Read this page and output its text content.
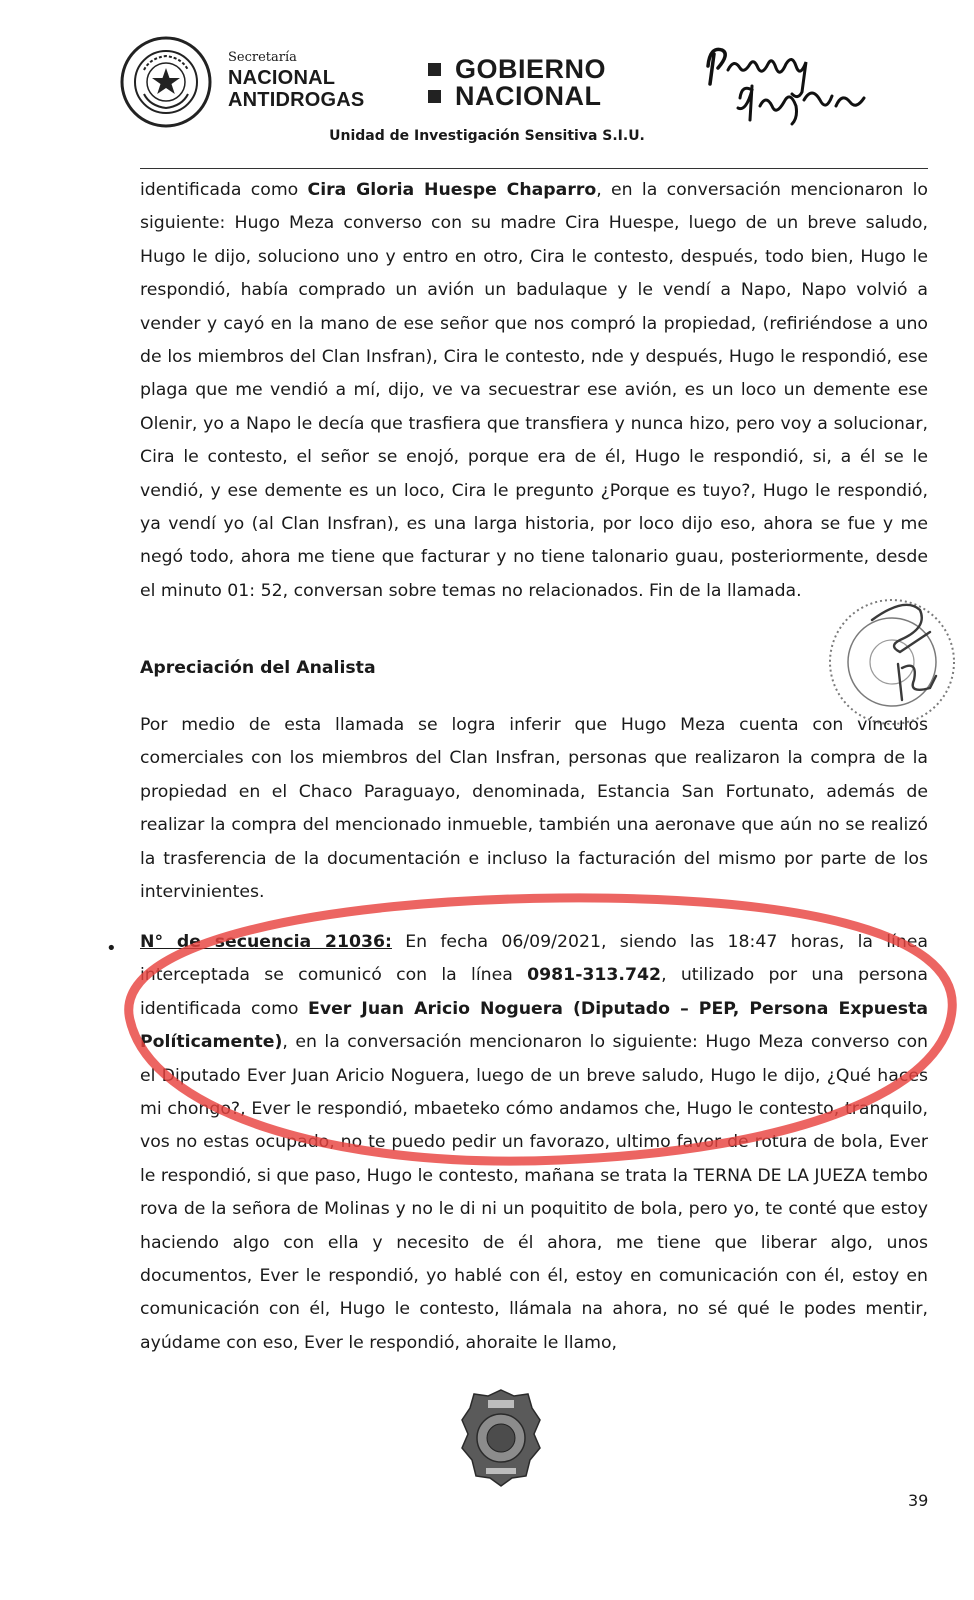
Secretaría
NACIONAL
ANTIDROGAS
GOBIERNO
NACIONAL
Unidad de Investigación Sensitiva S.I.U.
identificada como Cira Gloria Huespe Chaparro, en la conversación mencionaron lo siguiente: Hugo Meza converso con su madre Cira Huespe, luego de un breve saludo, Hugo le dijo, soluciono uno y entro en otro, Cira le contesto, después, todo bien, Hugo le respondió, había comprado un avión un badulaque y le vendí a Napo, Napo volvió a vender y cayó en la mano de ese señor que nos compró la propiedad, (refiriéndose a uno de los miembros del Clan Insfran), Cira le contesto, nde y después, Hugo le respondió, ese plaga que me vendió a mí, dijo, ve va secuestrar ese avión, es un loco un demente ese Olenir, yo a Napo le decía que trasfiera que transfiera y nunca hizo, pero voy a solucionar, Cira le contesto, el señor se enojó, porque era de él, Hugo le respondió, si, a él se le vendió, y ese demente es un loco, Cira le pregunto ¿Porque es tuyo?, Hugo le respondió, ya vendí yo (al Clan Insfran), es una larga historia, por loco dijo eso, ahora se fue y me negó todo, ahora me tiene que facturar y no tiene talonario guau, posteriormente, desde el minuto 01: 52, conversan sobre temas no relacionados. Fin de la llamada.
Apreciación del Analista
Por medio de esta llamada se logra inferir que Hugo Meza cuenta con vínculos comerciales con los miembros del Clan Insfran, personas que realizaron la compra de la propiedad en el Chaco Paraguayo, denominada, Estancia San Fortunato, además de realizar la compra del mencionado inmueble, también una aeronave que aún no se realizó la trasferencia de la documentación e incluso la facturación del mismo por parte de los intervinientes.
• N° de secuencia 21036: En fecha 06/09/2021, siendo las 18:47 horas, la línea interceptada se comunicó con la línea 0981-313.742, utilizado por una persona identificada como Ever Juan Aricio Noguera (Diputado – PEP, Persona Expuesta Políticamente), en la conversación mencionaron lo siguiente: Hugo Meza converso con el Diputado Ever Juan Aricio Noguera, luego de un breve saludo, Hugo le dijo, ¿Qué haces mi chongo?, Ever le respondió, mbaeteko cómo andamos che, Hugo le contesto, tranquilo, vos no estas ocupado, no te puedo pedir un favorazo, ultimo favor de rotura de bola, Ever le respondió, si que paso, Hugo le contesto, mañana se trata la TERNA DE LA JUEZA tembo rova de la señora de Molinas y no le di ni un poquitito de bola, pero yo, te conté que estoy haciendo algo con ella y necesito de él ahora, me tiene que liberar algo, unos documentos, Ever le respondió, yo hablé con él, estoy en comunicación con él, estoy en comunicación con él, Hugo le contesto, llámala na ahora, no sé qué le podes mentir, ayúdame con eso, Ever le respondió, ahoraite le llamo,
39
